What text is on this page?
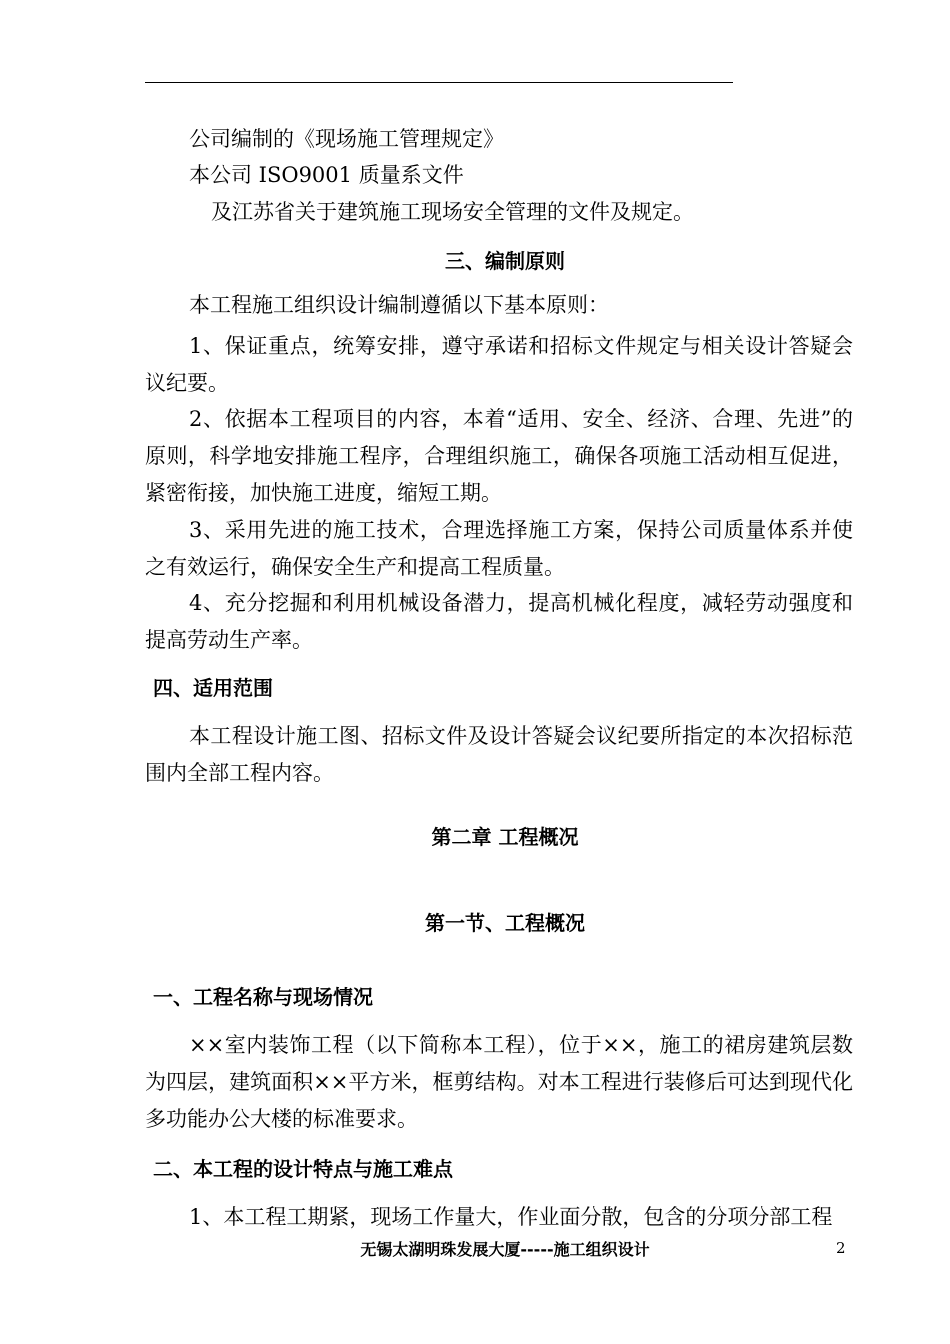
公司编制的《现场施工管理规定》

本公司 ISO9001 质量系文件

及江苏省关于建筑施工现场安全管理的文件及规定。

三、编制原则

本工程施工组织设计编制遵循以下基本原则：

1、保证重点，统筹安排，遵守承诺和招标文件规定与相关设计答疑会议纪要。

2、依据本工程项目的内容，本着“适用、安全、经济、合理、先进”的原则，科学地安排施工程序，合理组织施工，确保各项施工活动相互促进，紧密衔接，加快施工进度，缩短工期。

3、采用先进的施工技术，合理选择施工方案，保持公司质量体系并使之有效运行，确保安全生产和提高工程质量。

4、充分挖掘和利用机械设备潜力，提高机械化程度，减轻劳动强度和提高劳动生产率。

四、适用范围

本工程设计施工图、招标文件及设计答疑会议纪要所指定的本次招标范围内全部工程内容。

第二章 工程概况
第一节、工程概况
一、工程名称与现场情况

××室内装饰工程（以下简称本工程），位于××，施工的裙房建筑层数为四层，建筑面积××平方米，框剪结构。对本工程进行装修后可达到现代化多功能办公大楼的标准要求。

二、本工程的设计特点与施工难点

1、本工程工期紧，现场工作量大，作业面分散，包含的分项分部工程

无锡太湖明珠发展大厦-----施工组织设计	2
